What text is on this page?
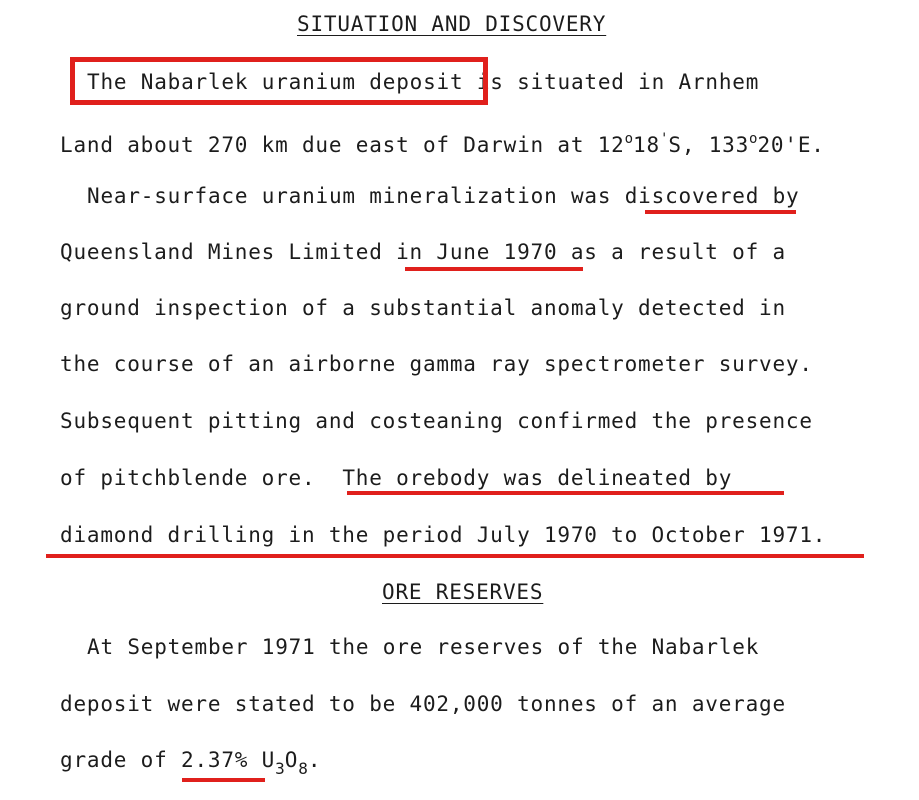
SITUATION AND DISCOVERY
The Nabarlek uranium deposit is situated in Arnhem
Land about 270 km due east of Darwin at 12$^o$18'S, 133$^o$20'E.
Near-surface uranium mineralization was discovered by
Queensland Mines Limited in June 1970 as a result of a
ground inspection of a substantial anomaly detected in
the course of an airborne gamma ray spectrometer survey.
Subsequent pitting and costeaning confirmed the presence
of pitchblende ore.  The orebody was delineated by
diamond drilling in the period July 1970 to October 1971.
ORE RESERVES
At September 1971 the ore reserves of the Nabarlek
deposit were stated to be 402,000 tonnes of an average
grade of 2.37% $U_3O_8$.
